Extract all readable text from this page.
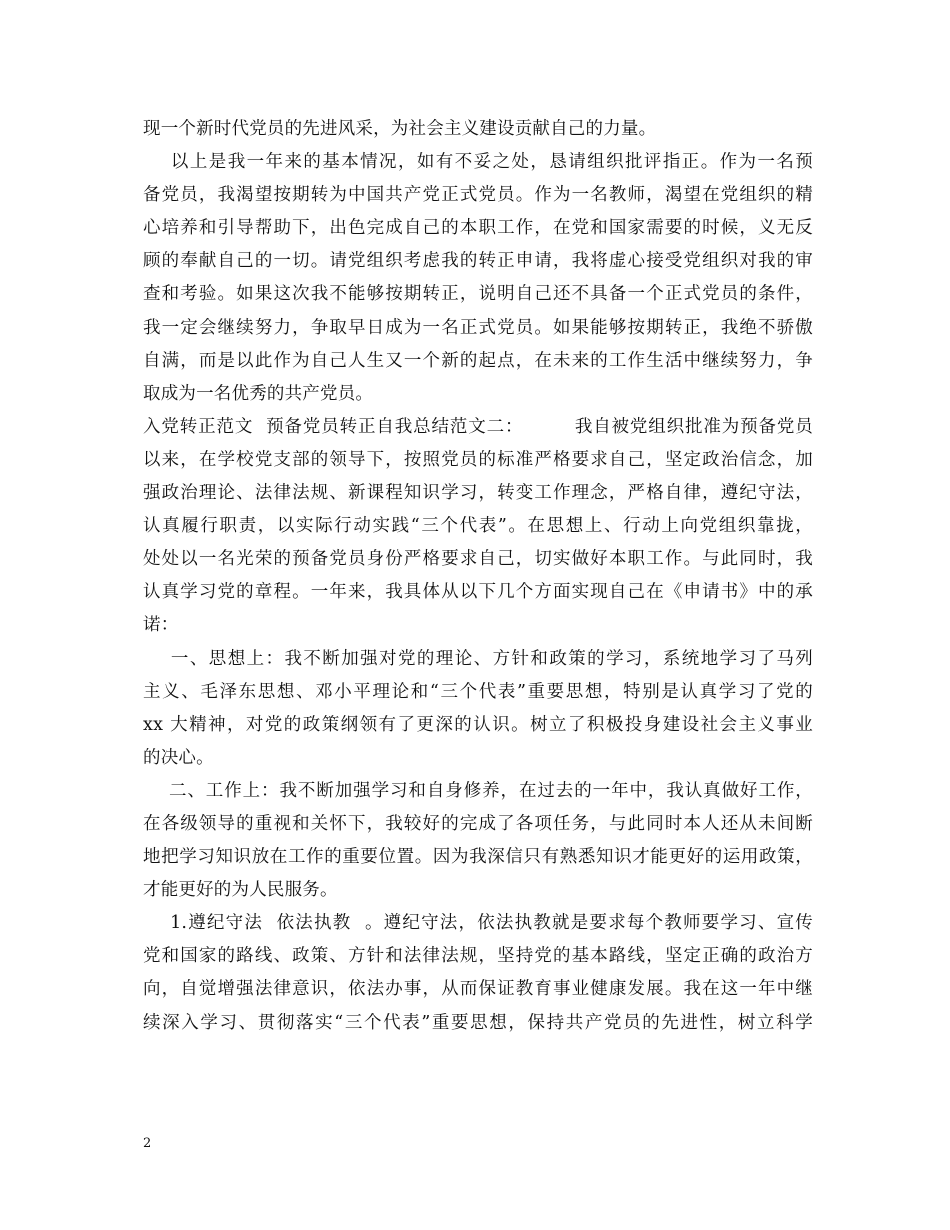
现一个新时代党员的先进风采，为社会主义建设贡献自己的力量。
以上是我一年来的基本情况，如有不妥之处，恳请组织批评指正。作为一名预
备党员，我渴望按期转为中国共产党正式党员。作为一名教师，渴望在党组织的精
心培养和引导帮助下，出色完成自己的本职工作，在党和国家需要的时候，义无反
顾的奉献自己的一切。请党组织考虑我的转正申请，我将虚心接受党组织对我的审
查和考验。如果这次我不能够按期转正，说明自己还不具备一个正式党员的条件，
我一定会继续努力，争取早日成为一名正式党员。如果能够按期转正，我绝不骄傲
自满，而是以此作为自己人生又一个新的起点，在未来的工作生活中继续努力，争
取成为一名优秀的共产党员。
入党转正范文  预备党员转正自我总结范文二：        我自被党组织批准为预备党员
以来，在学校党支部的领导下，按照党员的标准严格要求自己，坚定政治信念，加
强政治理论、法律法规、新课程知识学习，转变工作理念，严格自律，遵纪守法，
认真履行职责，以实际行动实践“三个代表”。在思想上、行动上向党组织靠拢，
处处以一名光荣的预备党员身份严格要求自己，切实做好本职工作。与此同时，我
认真学习党的章程。一年来，我具体从以下几个方面实现自己在《申请书》中的承
诺：
一、思想上：我不断加强对党的理论、方针和政策的学习，系统地学习了马列
主义、毛泽东思想、邓小平理论和“三个代表”重要思想，特别是认真学习了党的
xx 大精神，对党的政策纲领有了更深的认识。树立了积极投身建设社会主义事业
的决心。
二、工作上：我不断加强学习和自身修养，在过去的一年中，我认真做好工作，
在各级领导的重视和关怀下，我较好的完成了各项任务，与此同时本人还从未间断
地把学习知识放在工作的重要位置。因为我深信只有熟悉知识才能更好的运用政策，
才能更好的为人民服务。
1.遵纪守法  依法执教  。遵纪守法，依法执教就是要求每个教师要学习、宣传
党和国家的路线、政策、方针和法律法规，坚持党的基本路线，坚定正确的政治方
向，自觉增强法律意识，依法办事，从而保证教育事业健康发展。我在这一年中继
续深入学习、贯彻落实“三个代表”重要思想，保持共产党员的先进性，树立科学
2
